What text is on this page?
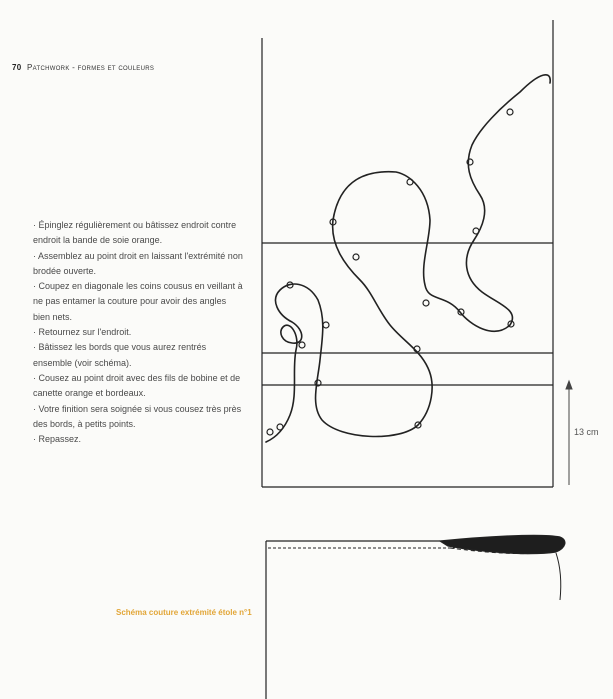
70 Patchwork - formes et couleurs
· Épinglez régulièrement ou bâtissez endroit contre endroit la bande de soie orange.
· Assemblez au point droit en laissant l'extrémité non brodée ouverte.
· Coupez en diagonale les coins cousus en veillant à ne pas entamer la couture pour avoir des angles bien nets.
· Retournez sur l'endroit.
· Bâtissez les bords que vous aurez rentrés ensemble (voir schéma).
· Cousez au point droit avec des fils de bobine et de canette orange et bordeaux.
· Votre finition sera soignée si vous cousez très près des bords, à petits points.
· Repassez.
13 cm
Schéma couture extrémité étole n°1
